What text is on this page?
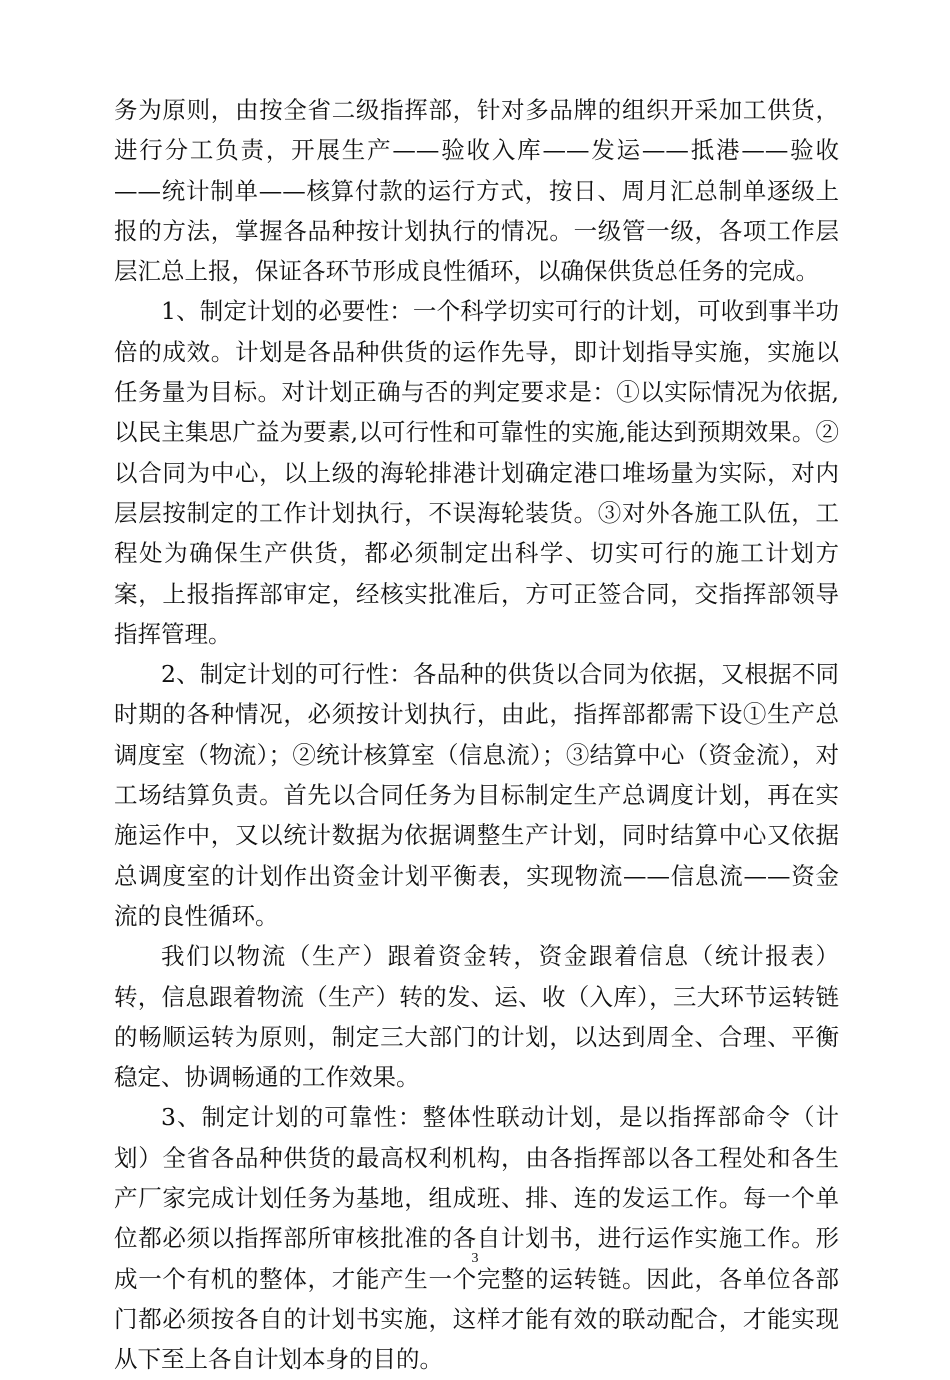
务为原则，由按全省二级指挥部，针对多品牌的组织开采加工供货，进行分工负责，开展生产——验收入库——发运——抵港——验收——统计制单——核算付款的运行方式，按日、周月汇总制单逐级上报的方法，掌握各品种按计划执行的情况。一级管一级，各项工作层层汇总上报，保证各环节形成良性循环，以确保供货总任务的完成。

1、制定计划的必要性：一个科学切实可行的计划，可收到事半功倍的成效。计划是各品种供货的运作先导，即计划指导实施，实施以任务量为目标。对计划正确与否的判定要求是：①以实际情况为依据,以民主集思广益为要素,以可行性和可靠性的实施,能达到预期效果。②以合同为中心，以上级的海轮排港计划确定港口堆场量为实际，对内层层按制定的工作计划执行，不误海轮装货。③对外各施工队伍，工程处为确保生产供货，都必须制定出科学、切实可行的施工计划方案，上报指挥部审定，经核实批准后，方可正签合同，交指挥部领导指挥管理。

2、制定计划的可行性：各品种的供货以合同为依据，又根据不同时期的各种情况，必须按计划执行，由此，指挥部都需下设①生产总调度室（物流）；②统计核算室（信息流）；③结算中心（资金流），对工场结算负责。首先以合同任务为目标制定生产总调度计划，再在实施运作中，又以统计数据为依据调整生产计划，同时结算中心又依据总调度室的计划作出资金计划平衡表，实现物流——信息流——资金流的良性循环。

我们以物流（生产）跟着资金转，资金跟着信息（统计报表）转，信息跟着物流（生产）转的发、运、收（入库），三大环节运转链的畅顺运转为原则，制定三大部门的计划，以达到周全、合理、平衡稳定、协调畅通的工作效果。

3、制定计划的可靠性：整体性联动计划，是以指挥部命令（计划）全省各品种供货的最高权利机构，由各指挥部以各工程处和各生产厂家完成计划任务为基地，组成班、排、连的发运工作。每一个单位都必须以指挥部所审核批准的各自计划书，进行运作实施工作。形成一个有机的整体，才能产生一个完整的运转链。因此，各单位各部门都必须按各自的计划书实施，这样才能有效的联动配合，才能实现从下至上各自计划本身的目的。

3
